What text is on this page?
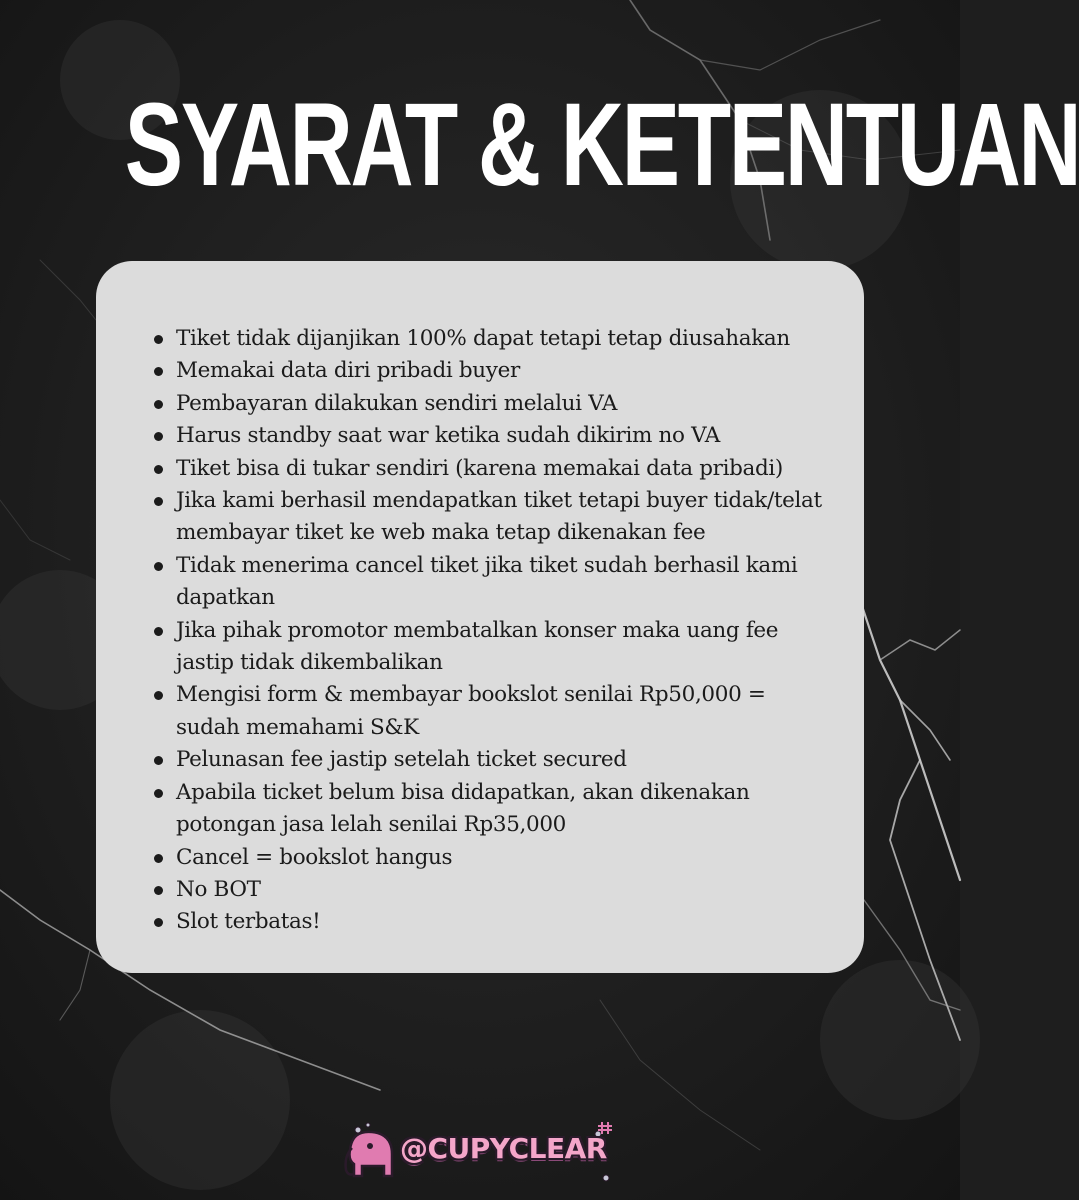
SYARAT & KETENTUAN
Tiket tidak dijanjikan 100% dapat tetapi tetap diusahakan
Memakai data diri pribadi buyer
Pembayaran dilakukan sendiri melalui VA
Harus standby saat war ketika sudah dikirim no VA
Tiket bisa di tukar sendiri (karena memakai data pribadi)
Jika kami berhasil mendapatkan tiket tetapi buyer tidak/telat membayar tiket ke web maka tetap dikenakan fee
Tidak menerima cancel tiket jika tiket sudah berhasil kami dapatkan
Jika pihak promotor membatalkan konser maka uang fee jastip tidak dikembalikan
Mengisi form & membayar bookslot senilai Rp50,000 = sudah memahami S&K
Pelunasan fee jastip setelah ticket secured
Apabila ticket belum bisa didapatkan, akan dikenakan potongan jasa lelah senilai Rp35,000
Cancel = bookslot hangus
No BOT
Slot terbatas!
@CUPYCLEAR
